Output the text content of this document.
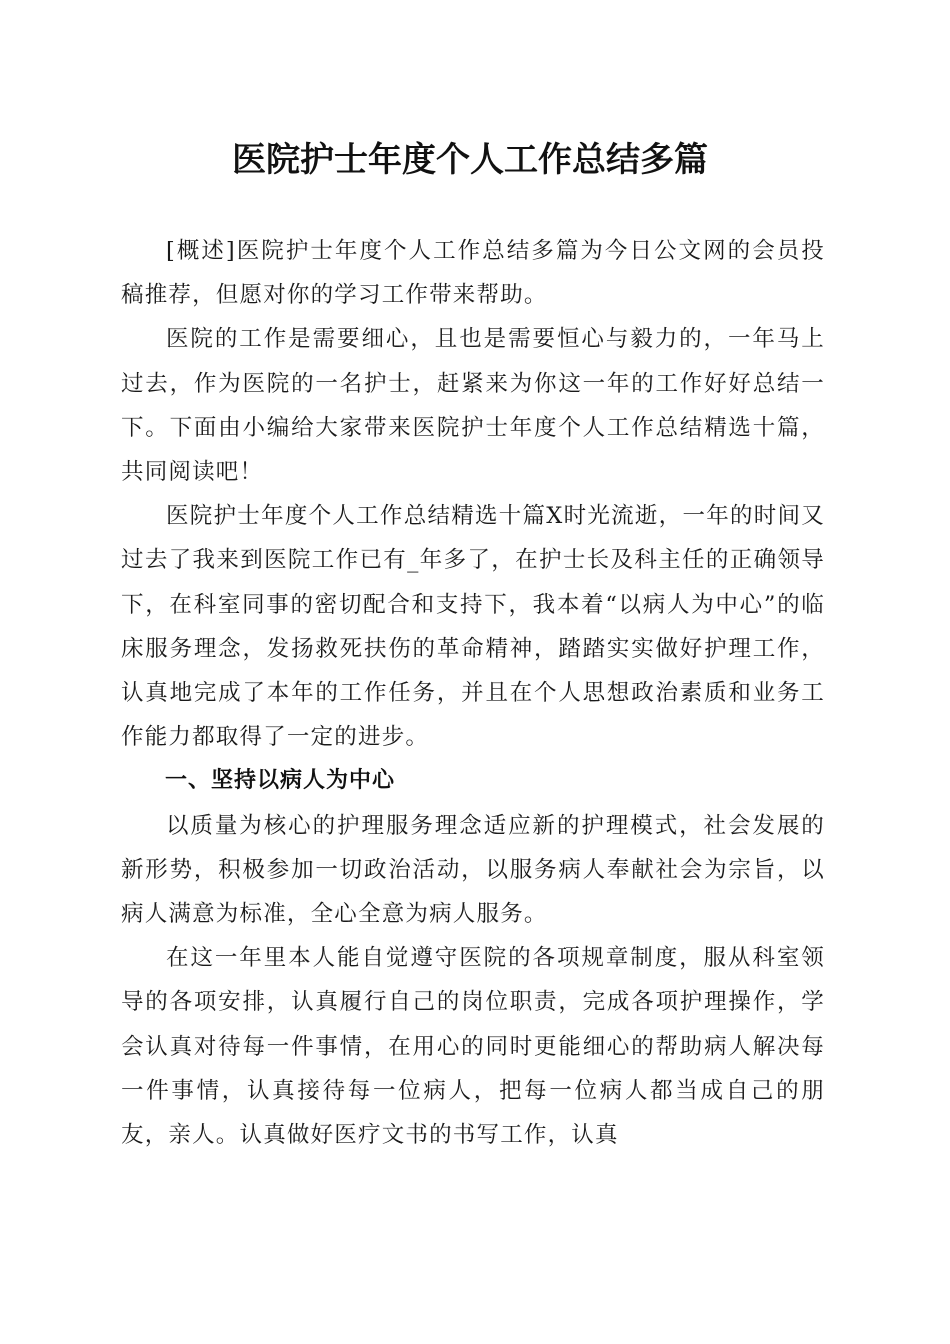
医院护士年度个人工作总结多篇

[概述]医院护士年度个人工作总结多篇为今日公文网的会员投稿推荐，但愿对你的学习工作带来帮助。

医院的工作是需要细心，且也是需要恒心与毅力的，一年马上过去，作为医院的一名护士，赶紧来为你这一年的工作好好总结一下。下面由小编给大家带来医院护士年度个人工作总结精选十篇，共同阅读吧！

医院护士年度个人工作总结精选十篇X时光流逝，一年的时间又过去了我来到医院工作已有_年多了，在护士长及科主任的正确领导下，在科室同事的密切配合和支持下，我本着“以病人为中心”的临床服务理念，发扬救死扶伤的革命精神，踏踏实实做好护理工作，认真地完成了本年的工作任务，并且在个人思想政治素质和业务工作能力都取得了一定的进步。

一、坚持以病人为中心

以质量为核心的护理服务理念适应新的护理模式，社会发展的新形势，积极参加一切政治活动，以服务病人奉献社会为宗旨，以病人满意为标准，全心全意为病人服务。

在这一年里本人能自觉遵守医院的各项规章制度，服从科室领导的各项安排，认真履行自己的岗位职责，完成各项护理操作，学会认真对待每一件事情，在用心的同时更能细心的帮助病人解决每一件事情，认真接待每一位病人，把每一位病人都当成自己的朋友，亲人。认真做好医疗文书的书写工作，认真
